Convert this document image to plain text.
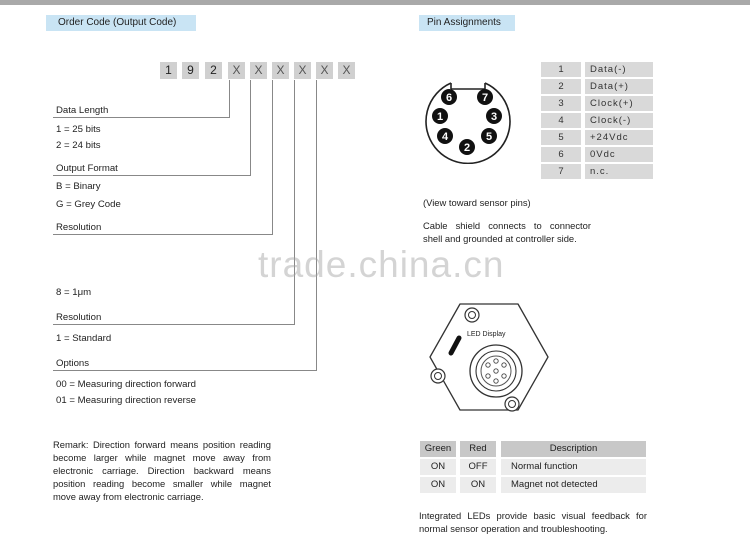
Order Code (Output Code)
1	9	2	X	X	X	X	X	X
Data Length
1 = 25 bits
2 = 24 bits
Output Format
B = Binary
G = Grey Code
Resolution
8 = 1μm
Resolution
1 = Standard
Options
00 = Measuring direction forward
01 = Measuring direction reverse
Remark: Direction forward means position reading become larger while magnet move away from electronic carriage. Direction backward means position reading become smaller while magnet move away from electronic carriage.
Pin Assignments
6	7
1	3
4	5
2
1	Data(-)
2	Data(+)
3	Clock(+)
4	Clock(-)
5	+24Vdc
6	0Vdc
7	n.c.
(View toward sensor pins)
Cable shield connects to connector
shell and grounded at controller side.
LED Display
Green	Red	Description
ON	OFF	Normal function
ON	ON	Magnet not detected
Integrated LEDs provide basic visual feedback for
normal sensor operation and troubleshooting.
trade.china.cn
